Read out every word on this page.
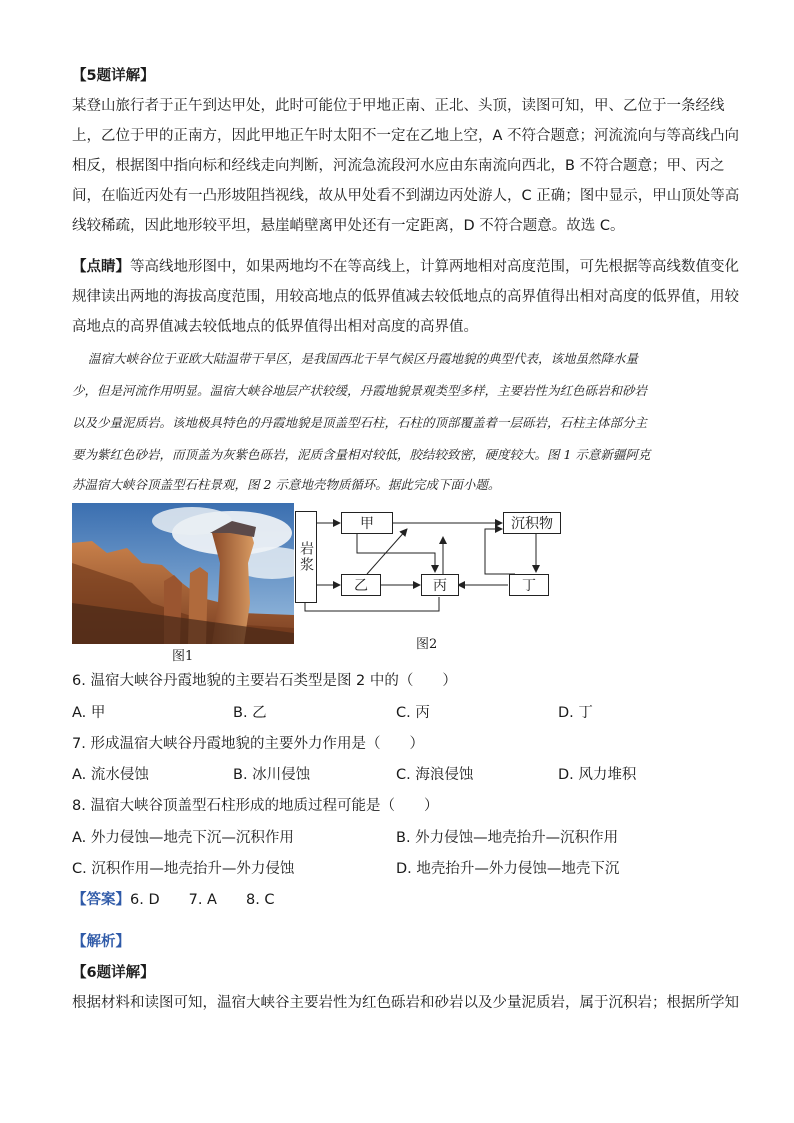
【5题详解】
某登山旅行者于正午到达甲处，此时可能位于甲地正南、正北、头顶，读图可知，甲、乙位于一条经线
上，乙位于甲的正南方，因此甲地正午时太阳不一定在乙地上空，A 不符合题意；河流流向与等高线凸向
相反，根据图中指向标和经线走向判断，河流急流段河水应由东南流向西北，B 不符合题意；甲、丙之
间，在临近丙处有一凸形坡阻挡视线，故从甲处看不到湖边丙处游人，C 正确；图中显示，甲山顶处等高
线较稀疏，因此地形较平坦，悬崖峭壁离甲处还有一定距离，D 不符合题意。故选 C。
【点睛】等高线地形图中，如果两地均不在等高线上，计算两地相对高度范围，可先根据等高线数值变化
规律读出两地的海拔高度范围，用较高地点的低界值减去较低地点的高界值得出相对高度的低界值，用较
高地点的高界值减去较低地点的低界值得出相对高度的高界值。
温宿大峡谷位于亚欧大陆温带干旱区，是我国西北干旱气候区丹霞地貌的典型代表，该地虽然降水量
少，但是河流作用明显。温宿大峡谷地层产状较缓，丹霞地貌景观类型多样，主要岩性为红色砾岩和砂岩
以及少量泥质岩。该地极具特色的丹霞地貌是顶盖型石柱，石柱的顶部覆盖着一层砾岩，石柱主体部分主
要为紫红色砂岩，而顶盖为灰紫色砾岩，泥质含量相对较低，胶结较致密，硬度较大。图 1 示意新疆阿克
苏温宿大峡谷顶盖型石柱景观，图 2 示意地壳物质循环。据此完成下面小题。
图1
岩浆
甲	沉积物
乙	丙	丁
图2
6. 温宿大峡谷丹霞地貌的主要岩石类型是图 2 中的（　　）
A. 甲	B. 乙	C. 丙	D. 丁
7. 形成温宿大峡谷丹霞地貌的主要外力作用是（　　）
A. 流水侵蚀	B. 冰川侵蚀	C. 海浪侵蚀	D. 风力堆积
8. 温宿大峡谷顶盖型石柱形成的地质过程可能是（　　）
A. 外力侵蚀—地壳下沉—沉积作用	B. 外力侵蚀—地壳抬升—沉积作用
C. 沉积作用—地壳抬升—外力侵蚀	D. 地壳抬升—外力侵蚀—地壳下沉
【答案】6. D　　7. A　　8. C
【解析】
【6题详解】
根据材料和读图可知，温宿大峡谷主要岩性为红色砾岩和砂岩以及少量泥质岩，属于沉积岩；根据所学知
